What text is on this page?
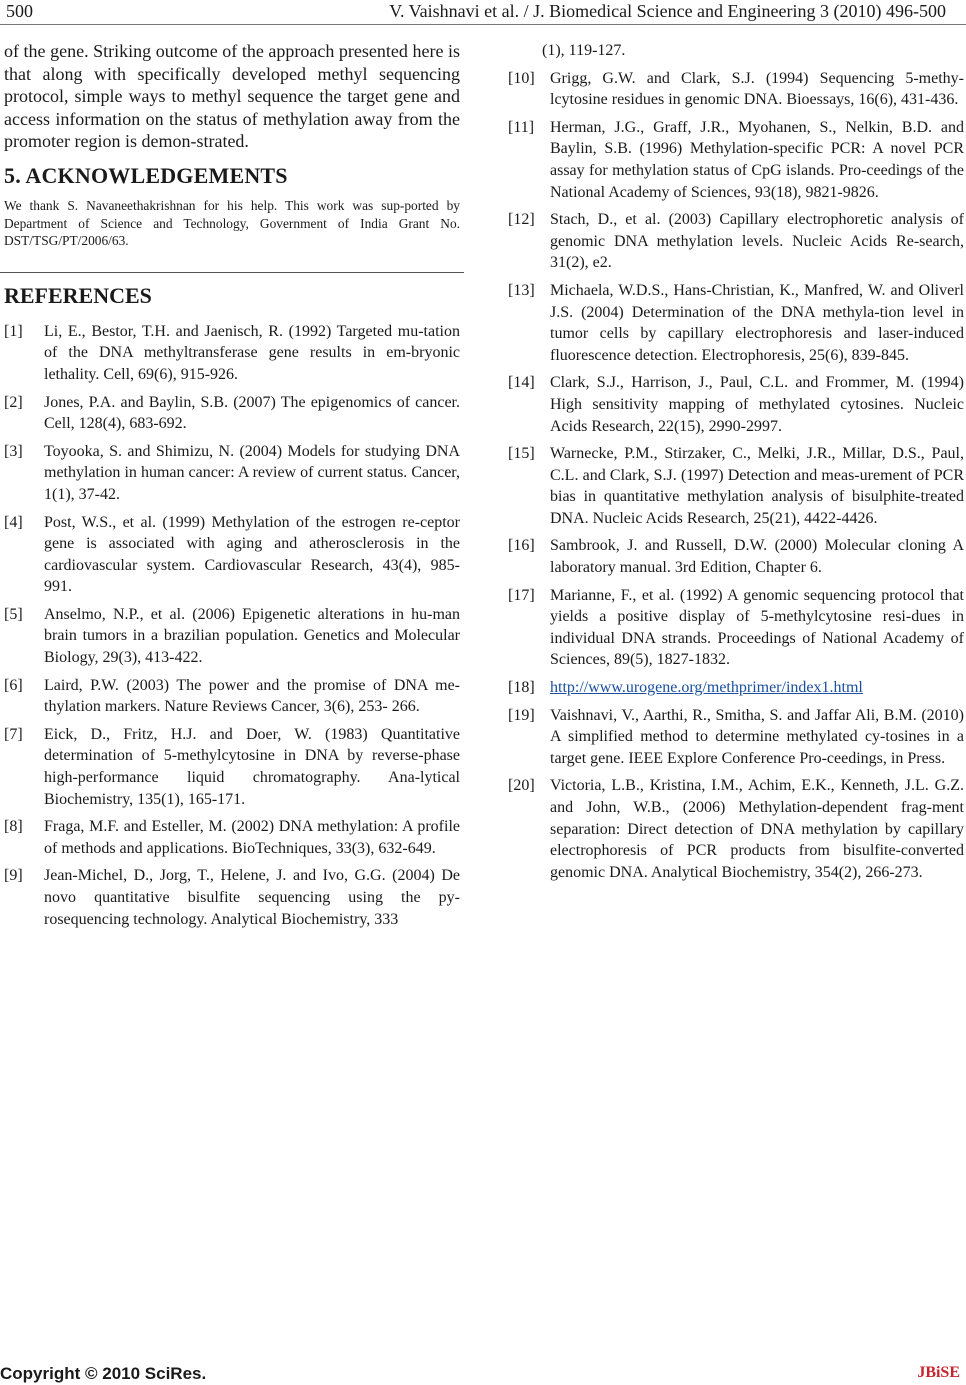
500	V. Vaishnavi et al. / J. Biomedical Science and Engineering 3 (2010) 496-500

of the gene. Striking outcome of the approach presented here is that along with specifically developed methyl sequencing protocol, simple ways to methyl sequence the target gene and access information on the status of methylation away from the promoter region is demon-strated.

5. ACKNOWLEDGEMENTS

We thank S. Navaneethakrishnan for his help. This work was sup-ported by Department of Science and Technology, Government of India Grant No. DST/TSG/PT/2006/63.

REFERENCES

[1] Li, E., Bestor, T.H. and Jaenisch, R. (1992) Targeted mu-tation of the DNA methyltransferase gene results in em-bryonic lethality. Cell, 69(6), 915-926.

[2] Jones, P.A. and Baylin, S.B. (2007) The epigenomics of cancer. Cell, 128(4), 683-692.

[3] Toyooka, S. and Shimizu, N. (2004) Models for studying DNA methylation in human cancer: A review of current status. Cancer, 1(1), 37-42.

[4] Post, W.S., et al. (1999) Methylation of the estrogen re-ceptor gene is associated with aging and atherosclerosis in the cardiovascular system. Cardiovascular Research, 43(4), 985-991.

[5] Anselmo, N.P., et al. (2006) Epigenetic alterations in hu-man brain tumors in a brazilian population. Genetics and Molecular Biology, 29(3), 413-422.

[6] Laird, P.W. (2003) The power and the promise of DNA me-thylation markers. Nature Reviews Cancer, 3(6), 253- 266.

[7] Eick, D., Fritz, H.J. and Doer, W. (1983) Quantitative determination of 5-methylcytosine in DNA by reverse-phase high-performance liquid chromatography. Ana-lytical Biochemistry, 135(1), 165-171.

[8] Fraga, M.F. and Esteller, M. (2002) DNA methylation: A profile of methods and applications. BioTechniques, 33(3), 632-649.

[9] Jean-Michel, D., Jorg, T., Helene, J. and Ivo, G.G. (2004) De novo quantitative bisulfite sequencing using the py-rosequencing technology. Analytical Biochemistry, 333

(1), 119-127.

[10] Grigg, G.W. and Clark, S.J. (1994) Sequencing 5-methy-lcytosine residues in genomic DNA. Bioessays, 16(6), 431-436.

[11] Herman, J.G., Graff, J.R., Myohanen, S., Nelkin, B.D. and Baylin, S.B. (1996) Methylation-specific PCR: A novel PCR assay for methylation status of CpG islands. Pro-ceedings of the National Academy of Sciences, 93(18), 9821-9826.

[12] Stach, D., et al. (2003) Capillary electrophoretic analysis of genomic DNA methylation levels. Nucleic Acids Re-search, 31(2), e2.

[13] Michaela, W.D.S., Hans-Christian, K., Manfred, W. and Oliverl J.S. (2004) Determination of the DNA methyla-tion level in tumor cells by capillary electrophoresis and laser-induced fluorescence detection. Electrophoresis, 25(6), 839-845.

[14] Clark, S.J., Harrison, J., Paul, C.L. and Frommer, M. (1994) High sensitivity mapping of methylated cytosines. Nucleic Acids Research, 22(15), 2990-2997.

[15] Warnecke, P.M., Stirzaker, C., Melki, J.R., Millar, D.S., Paul, C.L. and Clark, S.J. (1997) Detection and meas-urement of PCR bias in quantitative methylation analysis of bisulphite-treated DNA. Nucleic Acids Research, 25(21), 4422-4426.

[16] Sambrook, J. and Russell, D.W. (2000) Molecular cloning A laboratory manual. 3rd Edition, Chapter 6.

[17] Marianne, F., et al. (1992) A genomic sequencing protocol that yields a positive display of 5-methylcytosine resi-dues in individual DNA strands. Proceedings of National Academy of Sciences, 89(5), 1827-1832.

[18] http://www.urogene.org/methprimer/index1.html

[19] Vaishnavi, V., Aarthi, R., Smitha, S. and Jaffar Ali, B.M. (2010) A simplified method to determine methylated cy-tosines in a target gene. IEEE Explore Conference Pro-ceedings, in Press.

[20] Victoria, L.B., Kristina, I.M., Achim, E.K., Kenneth, J.L. G.Z. and John, W.B., (2006) Methylation-dependent frag-ment separation: Direct detection of DNA methylation by capillary electrophoresis of PCR products from bisulfite-converted genomic DNA. Analytical Biochemistry, 354(2), 266-273.

Copyright © 2010 SciRes.	JBiSE
